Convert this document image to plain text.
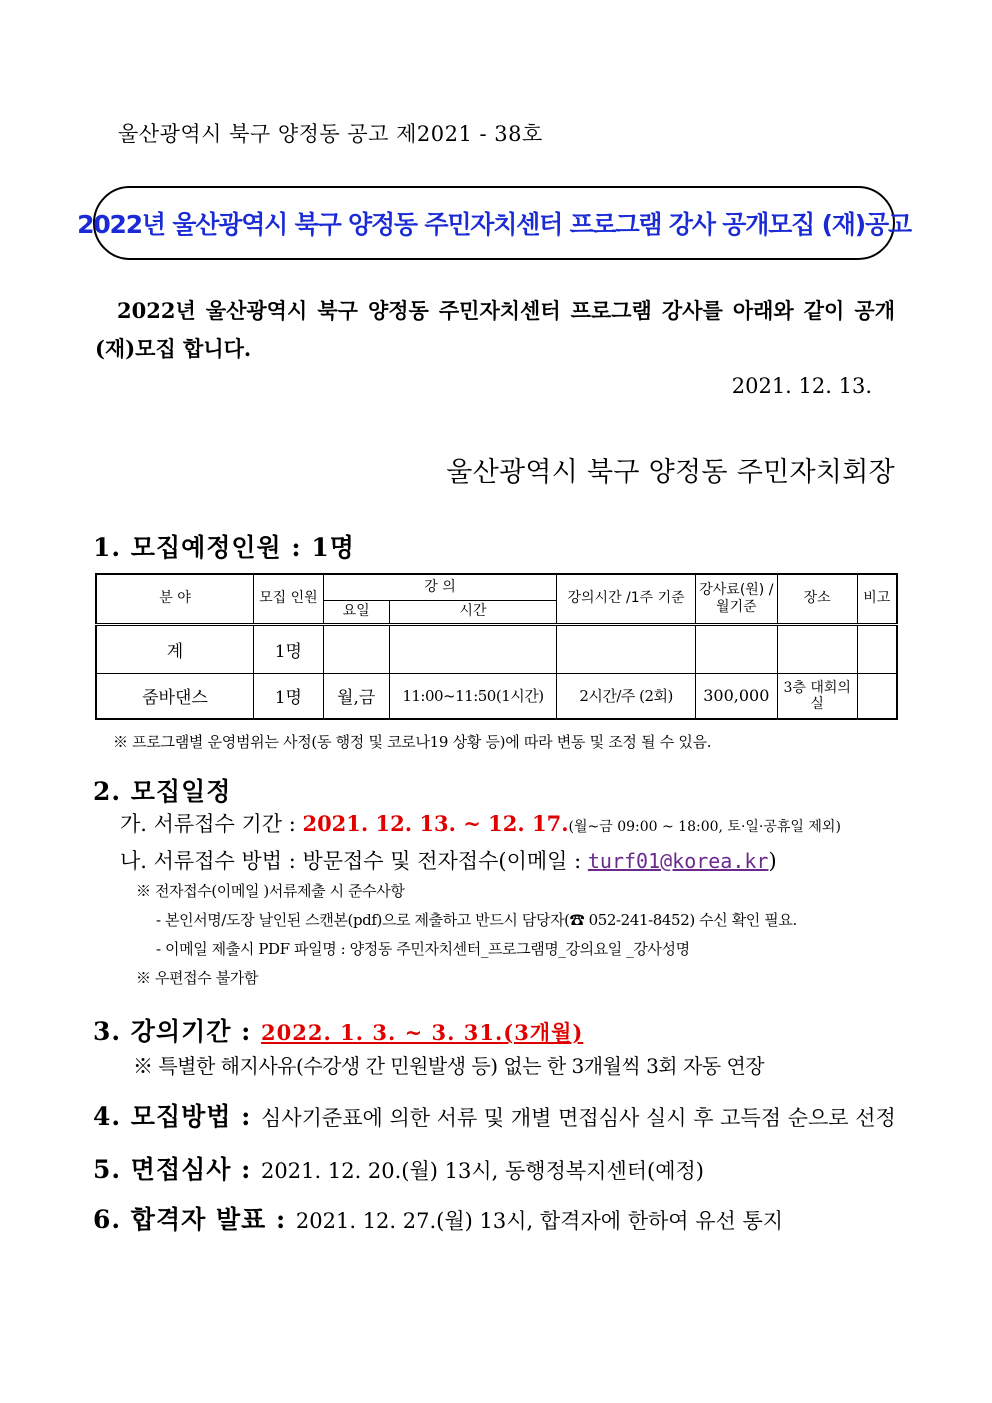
울산광역시 북구 양정동 공고 제2021 - 38호
2022년 울산광역시 북구 양정동 주민자치센터 프로그램 강사 공개모집 (재)공고
2022년 울산광역시 북구 양정동 주민자치센터 프로그램 강사를 아래와 같이 공개 (재)모집 합니다.
2021. 12. 13.
울산광역시 북구 양정동 주민자치회장
1. 모집예정인원 : 1명
분 야	모집 인원	강 의		강의시간 /1주 기준	강사료(원) /월기준	장소	비고
		요일	시간				
계	1명						
줌바댄스	1명	월,금	11:00~11:50(1시간)	2시간/주 (2회)	300,000	3층 대회의실	
※ 프로그램별 운영범위는 사정(동 행정 및 코로나19 상황 등)에 따라 변동 및 조정 될 수 있음.
2. 모집일정
가. 서류접수 기간 : 2021. 12. 13. ~ 12. 17.(월~금 09:00 ~ 18:00, 토·일·공휴일 제외)
나. 서류접수 방법 : 방문접수 및 전자접수(이메일 : turf01@korea.kr)
※ 전자접수(이메일 )서류제출 시 준수사항
- 본인서명/도장 날인된 스캔본(pdf)으로 제출하고 반드시 담당자(☎ 052-241-8452) 수신 확인 필요.
- 이메일 제출시 PDF 파일명 : 양정동 주민자치센터_프로그램명_강의요일 _강사성명
※ 우편접수 불가함
3. 강의기간 : 2022. 1. 3. ~ 3. 31.(3개월)
※ 특별한 해지사유(수강생 간 민원발생 등) 없는 한 3개월씩 3회 자동 연장
4. 모집방법 : 심사기준표에 의한 서류 및 개별 면접심사 실시 후 고득점 순으로 선정
5. 면접심사 : 2021. 12. 20.(월) 13시, 동행정복지센터(예정)
6. 합격자 발표 : 2021. 12. 27.(월) 13시, 합격자에 한하여 유선 통지
